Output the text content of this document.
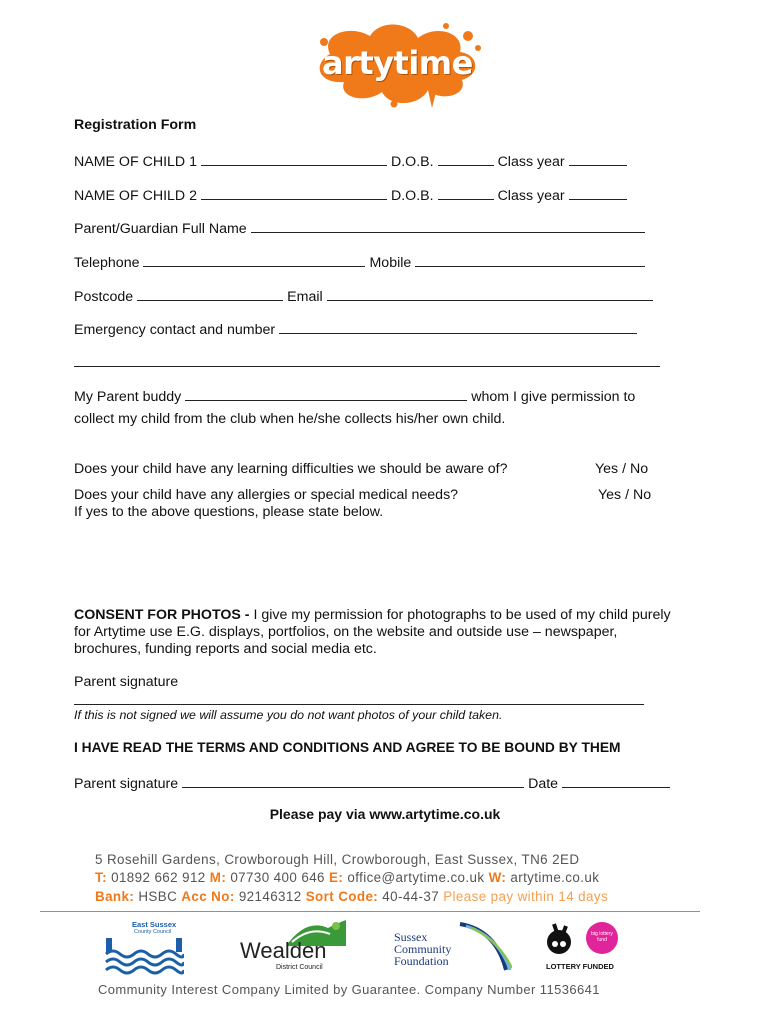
artytime
Registration Form
NAME OF CHILD 1	D.O.B.	Class year
NAME OF CHILD 2	D.O.B.	Class year
Parent/Guardian Full Name
Telephone	Mobile
Postcode	Email
Emergency contact and number
My Parent buddy	whom I give permission to
collect my child from the club when he/she collects his/her own child.
Does your child have any learning difficulties we should be aware of?	Yes / No
Does your child have any allergies or special medical needs?	Yes / No
If yes to the above questions, please state below.
CONSENT FOR PHOTOS - I give my permission for photographs to be used of my child purely for Artytime use E.G. displays, portfolios, on the website and outside use – newspaper, brochures, funding reports and social media etc.
Parent signature
If this is not signed we will assume you do not want photos of your child taken.
I HAVE READ THE TERMS AND CONDITIONS AND AGREE TO BE BOUND BY THEM
Parent signature	Date
Please pay via www.artytime.co.uk
5 Rosehill Gardens, Crowborough Hill, Crowborough, East Sussex, TN6 2ED
T: 01892 662 912 M: 07730 400 646 E: office@artytime.co.uk W: artytime.co.uk
Bank: HSBC Acc No: 92146312 Sort Code: 40-44-37 Please pay within 14 days
East Sussex
County Council
Wealden
District Council
Sussex
Community
Foundation
big lottery fund
LOTTERY FUNDED
Community Interest Company Limited by Guarantee. Company Number 11536641
